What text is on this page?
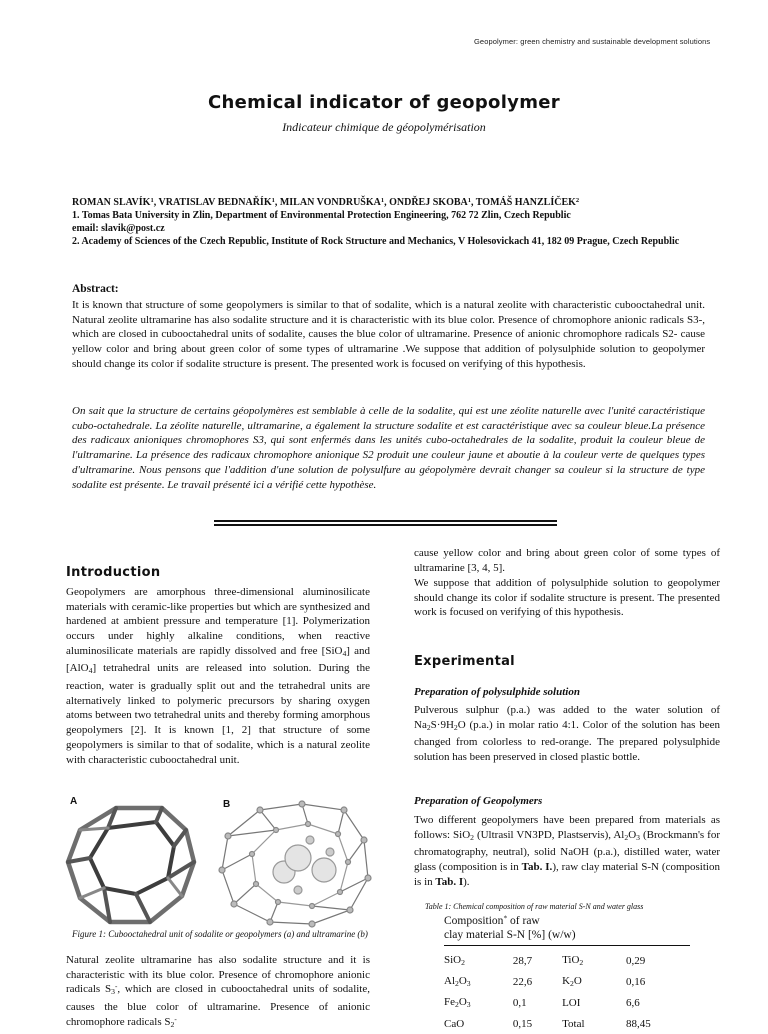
Geopolymer: green chemistry and sustainable development solutions
Chemical indicator of geopolymer
Indicateur chimique de géopolymérisation
ROMAN SLAVÍK$^1$, VRATISLAV BEDNAŘÍK$^1$, MILAN VONDRUŠKA$^1$, ONDŘEJ SKOBA$^1$, TOMÁŠ HANZLÍČEK$^2$
1. Tomas Bata University in Zlin, Department of Environmental Protection Engineering, 762 72 Zlin, Czech Republic
email: slavik@post.cz
2. Academy of Sciences of the Czech Republic, Institute of Rock Structure and Mechanics, V Holesovickach 41, 182 09 Prague, Czech Republic
Abstract:
It is known that structure of some geopolymers is similar to that of sodalite, which is a natural zeolite with characteristic cubooctahedral unit. Natural zeolite ultramarine has also sodalite structure and it is characteristic with its blue color. Presence of chromophore anionic radicals S3-, which are closed in cubooctahedral units of sodalite, causes the blue color of ultramarine. Presence of anionic chromophore radicals S2- cause yellow color and bring about green color of some types of ultramarine .We suppose that addition of polysulphide solution to geopolymer should change its color if sodalite structure is present. The presented work is focused on verifying of this hypothesis.
On sait que la structure de certains géopolymères est semblable à celle de la sodalite, qui est une zéolite naturelle avec l'unité caractéristique cubo-octahedrale. La zéolite naturelle, ultramarine, a également la structure sodalite et est caractéristique avec sa couleur bleue.La présence des radicaux anioniques chromophores S3, qui sont enfermés dans les unités cubo-octahedrales de la sodalite, produit la couleur bleue de l'ultramarine. La présence des radicaux chromophore anionique S2 produit une couleur jaune et aboutie à la couleur verte de quelques types d'ultramarine. Nous pensons que l'addition d'une solution de polysulfure au géopolymère devrait changer sa couleur si la structure de type sodalite est présente. Le travail présenté ici a vérifié cette hypothèse.
Introduction
Geopolymers are amorphous three-dimensional aluminosilicate materials with ceramic-like properties but which are synthesized and hardened at ambient pressure and temperature [1]. Polymerization occurs under highly alkaline conditions, when reactive aluminosilicate materials are rapidly dissolved and free [SiO$_4$] and [AlO$_4$] tetrahedral units are released into solution. During the reaction, water is gradually split out and the tetrahedral units are alternatively linked to polymeric precursors by sharing oxygen atoms between two tetrahedral units and thereby forming amorphous geopolymers [2]. It is known [1, 2] that structure of some geopolymers is similar to that of sodalite, which is a natural zeolite with characteristic cubooctahedral unit.
A	B
Figure 1: Cubooctahedral unit of sodalite or geopolymers (a) and ultramarine (b)
Natural zeolite ultramarine has also sodalite structure and it is characteristic with its blue color. Presence of chromophore anionic radicals $S_3^-$, which are closed in cubooctahedral units of sodalite, causes the blue color of ultramarine. Presence of anionic chromophore radicals $S_2^-$
cause yellow color and bring about green color of some types of ultramarine [3, 4, 5].
We suppose that addition of polysulphide solution to geopolymer should change its color if sodalite structure is present. The presented work is focused on verifying of this hypothesis.
Experimental
Preparation of polysulphide solution
Pulverous sulphur (p.a.) was added to the water solution of $Na_2S\cdot 9H_2O$ (p.a.) in molar ratio 4:1. Color of the solution has been changed from colorless to red-orange. The prepared polysulphide solution has been preserved in closed plastic bottle.
Preparation of Geopolymers
Two different geopolymers have been prepared from materials as follows: SiO$_2$ (Ultrasil VN3PD, Plastservis), $Al_2O_3$ (Brockmann's for chromatography, neutral), solid NaOH (p.a.), distilled water, water glass (composition is in Tab. I.), raw clay material S-N (composition is in Tab. I).
Table 1: Chemical composition of raw material S-N and water glass
Composition* of raw
clay material S-N [%] (w/w)
SiO$_2$	28,7	TiO$_2$	0,29
$Al_2O_3$	22,6	$K_2O$	0,16
$Fe_2O_3$	0,1	LOI	6,6
CaO	0,15	Total	88,45
